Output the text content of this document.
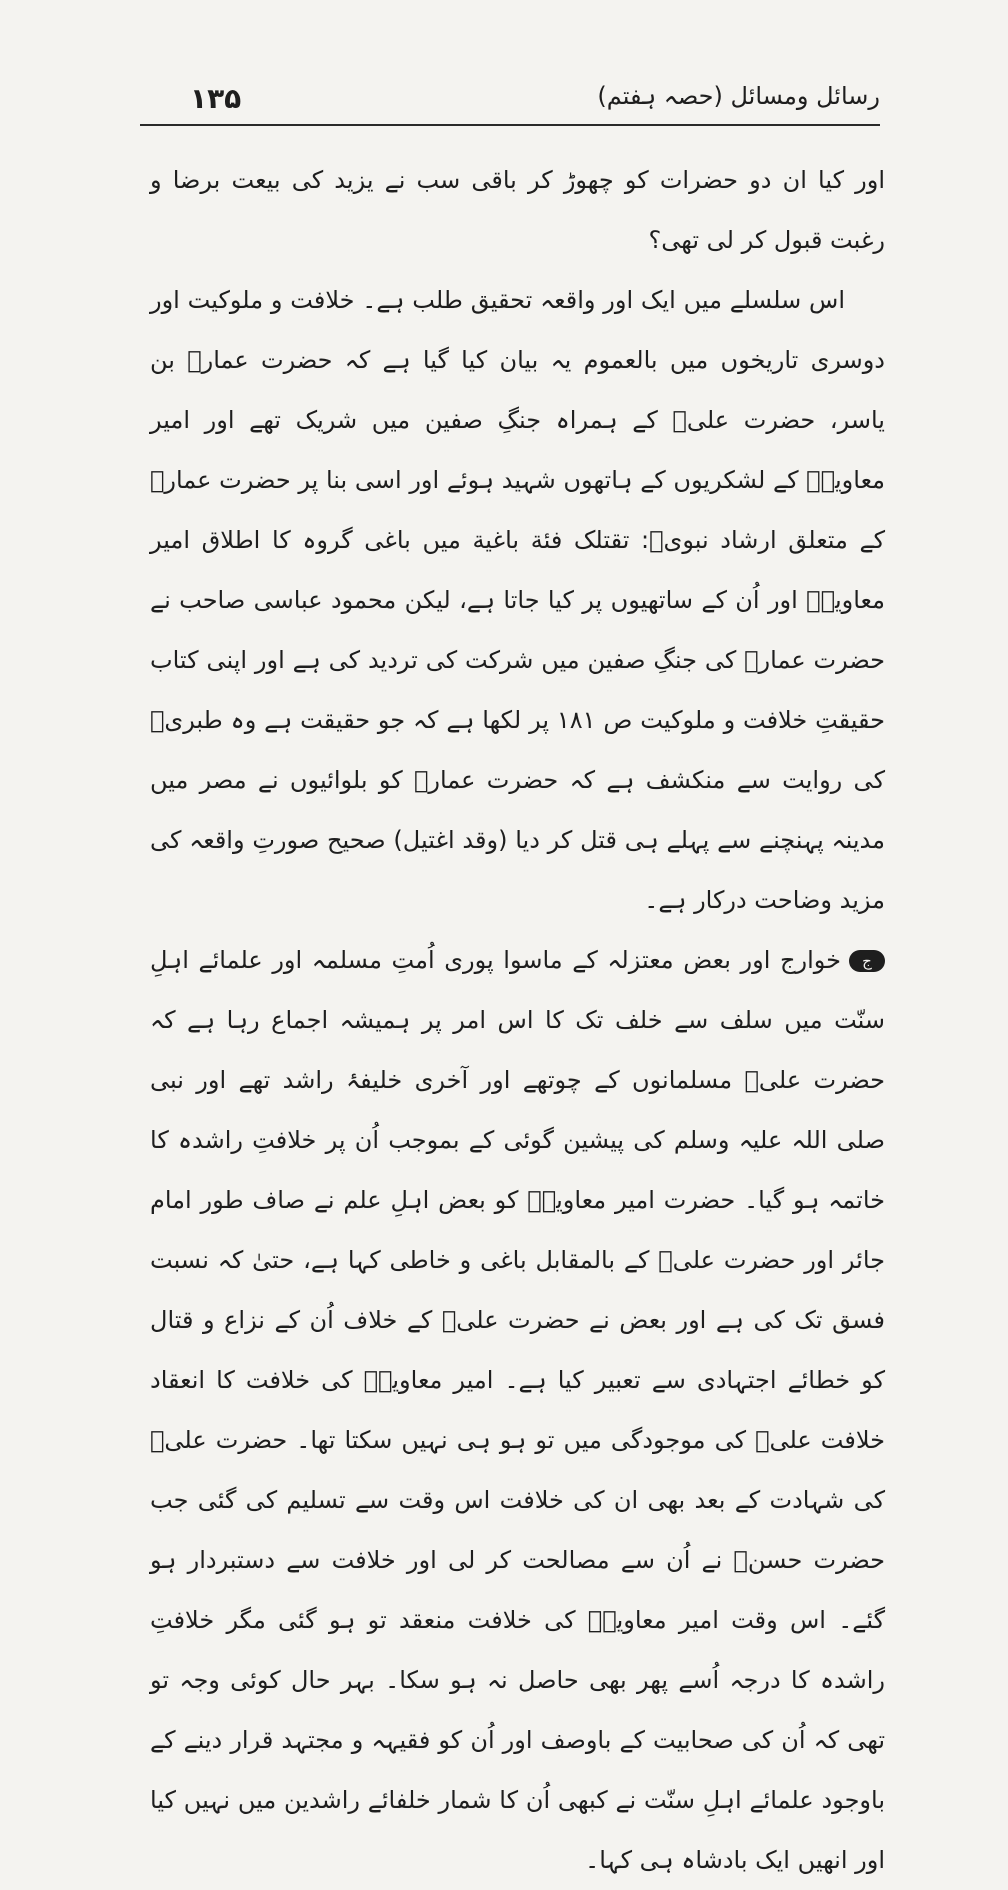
رسائل ومسائل (حصہ ہفتم)
۱۳۵

اور کیا ان دو حضرات کو چھوڑ کر باقی سب نے یزید کی بیعت برضا و رغبت قبول کر لی تھی؟

اس سلسلے میں ایک اور واقعہ تحقیق طلب ہے۔ خلافت و ملوکیت اور دوسری تاریخوں میں بالعموم یہ بیان کیا گیا ہے کہ حضرت عمارؓ بن یاسر، حضرت علیؓ کے ہمراہ جنگِ صفین میں شریک تھے اور امیر معاویہؓ کے لشکریوں کے ہاتھوں شہید ہوئے اور اسی بنا پر حضرت عمارؓ کے متعلق ارشاد نبویؐ: تقتلک فئة باغية میں باغی گروہ کا اطلاق امیر معاویہؓ اور اُن کے ساتھیوں پر کیا جاتا ہے، لیکن محمود عباسی صاحب نے حضرت عمارؓ کی جنگِ صفین میں شرکت کی تردید کی ہے اور اپنی کتاب حقیقتِ خلافت و ملوکیت ص ۱۸۱ پر لکھا ہے کہ جو حقیقت ہے وہ طبریؒ کی روایت سے منکشف ہے کہ حضرت عمارؓ کو بلوائیوں نے مصر میں مدینہ پہنچنے سے پہلے ہی قتل کر دیا (وقد اغتیل) صحیح صورتِ واقعہ کی مزید وضاحت درکار ہے۔

جخوارج اور بعض معتزلہ کے ماسوا پوری اُمتِ مسلمہ اور علمائے اہلِ سنّت میں سلف سے خلف تک کا اس امر پر ہمیشہ اجماع رہا ہے کہ حضرت علیؓ مسلمانوں کے چوتھے اور آخری خلیفۂ راشد تھے اور نبی صلی اللہ علیہ وسلم کی پیشین گوئی کے بموجب اُن پر خلافتِ راشدہ کا خاتمہ ہو گیا۔ حضرت امیر معاویہؓ کو بعض اہلِ علم نے صاف طور امام جائر اور حضرت علیؓ کے بالمقابل باغی و خاطی کہا ہے، حتیٰ کہ نسبت فسق تک کی ہے اور بعض نے حضرت علیؓ کے خلاف اُن کے نزاع و قتال کو خطائے اجتہادی سے تعبیر کیا ہے۔ امیر معاویہؓ کی خلافت کا انعقاد خلافت علیؓ کی موجودگی میں تو ہو ہی نہیں سکتا تھا۔ حضرت علیؓ کی شہادت کے بعد بھی ان کی خلافت اس وقت سے تسلیم کی گئی جب حضرت حسنؓ نے اُن سے مصالحت کر لی اور خلافت سے دستبردار ہو گئے۔ اس وقت امیر معاویہؓ کی خلافت منعقد تو ہو گئی مگر خلافتِ راشدہ کا درجہ اُسے پھر بھی حاصل نہ ہو سکا۔ بہر حال کوئی وجہ تو تھی کہ اُن کی صحابیت کے باوصف اور اُن کو فقیہہ و مجتہد قرار دینے کے باوجود علمائے اہلِ سنّت نے کبھی اُن کا شمار خلفائے راشدین میں نہیں کیا اور انھیں ایک بادشاہ ہی کہا۔
